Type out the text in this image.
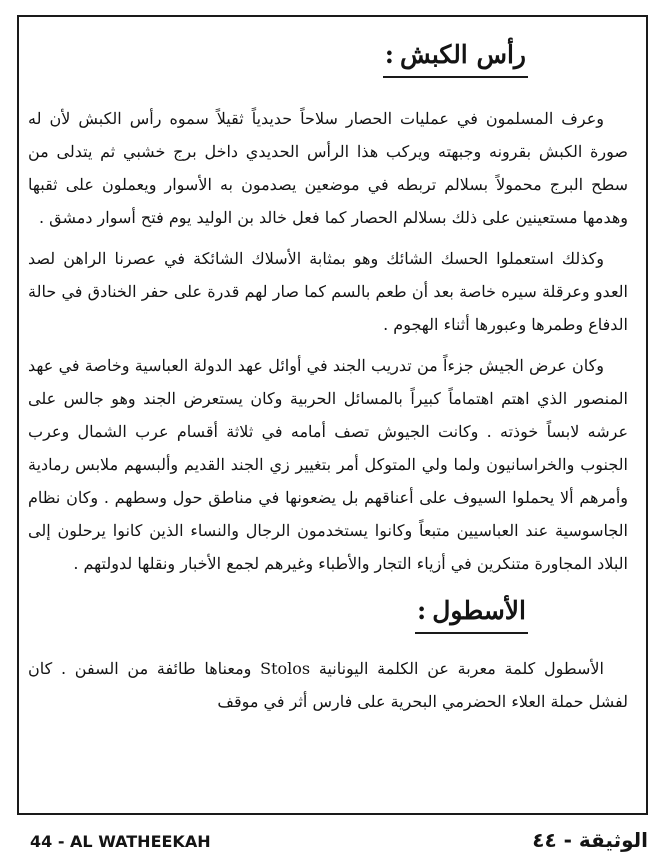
رأس الكبش:

وعرف المسلمون في عمليات الحصار سلاحاً حديدياً ثقيلاً سموه رأس الكبش لأن له صورة الكبش بقرونه وجبهته ويركب هذا الرأس الحديدي داخل برج خشبي ثم يتدلى من سطح البرج محمولاً بسلالم تربطه في موضعين يصدمون به الأسوار ويعملون على ثقبها وهدمها مستعينين على ذلك بسلالم الحصار كما فعل خالد بن الوليد يوم فتح أسوار دمشق .

وكذلك استعملوا الحسك الشائك وهو بمثابة الأسلاك الشائكة في عصرنا الراهن لصد العدو وعرقلة سيره خاصة بعد أن طعم بالسم كما صار لهم قدرة على حفر الخنادق في حالة الدفاع وطمرها وعبورها أثناء الهجوم .

وكان عرض الجيش جزءاً من تدريب الجند في أوائل عهد الدولة العباسية وخاصة في عهد المنصور الذي اهتم اهتماماً كبيراً بالمسائل الحربية وكان يستعرض الجند وهو جالس على عرشه لابساً خوذته . وكانت الجيوش تصف أمامه في ثلاثة أقسام عرب الشمال وعرب الجنوب والخراسانيون ولما ولي المتوكل أمر بتغيير زي الجند القديم وألبسهم ملابس رمادية وأمرهم ألا يحملوا السيوف على أعناقهم بل يضعونها في مناطق حول وسطهم . وكان نظام الجاسوسية عند العباسيين متبعاً وكانوا يستخدمون الرجال والنساء الذين كانوا يرحلون إلى البلاد المجاورة متنكرين في أزياء التجار والأطباء وغيرهم لجمع الأخبار ونقلها لدولتهم .

الأسطول:

الأسطول كلمة معربة عن الكلمة اليونانية Stolos ومعناها طائفة من السفن . كان لفشل حملة العلاء الحضرمي البحرية على فارس أثر في موقف

44 - AL WATHEEKAH	الوثيقة - ٤٤
